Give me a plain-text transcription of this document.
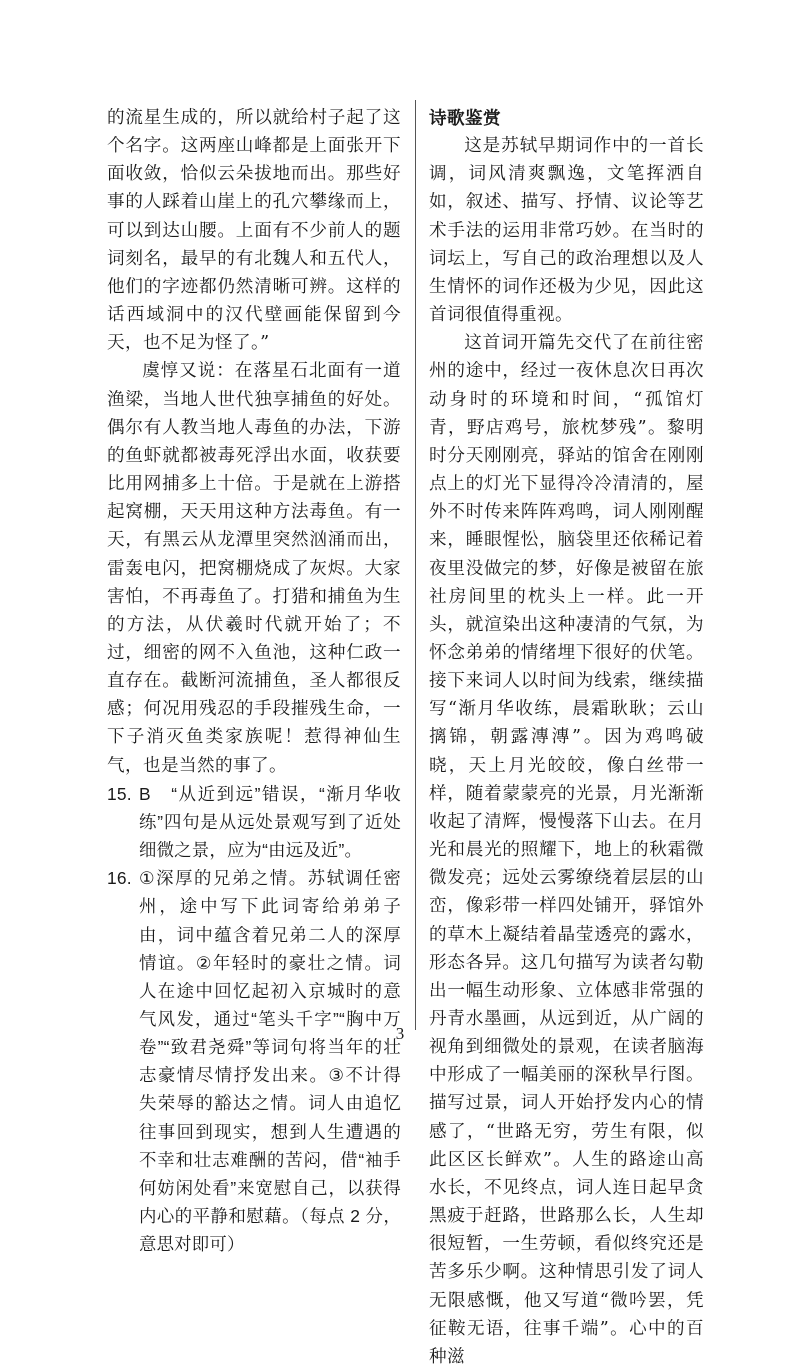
的流星生成的，所以就给村子起了这个名字。这两座山峰都是上面张开下面收敛，恰似云朵拔地而出。那些好事的人踩着山崖上的孔穴攀缘而上，可以到达山腰。上面有不少前人的题词刻名，最早的有北魏人和五代人，他们的字迹都仍然清晰可辨。这样的话西域洞中的汉代壁画能保留到今天，也不足为怪了。”

虞惇又说：在落星石北面有一道渔梁，当地人世代独享捕鱼的好处。偶尔有人教当地人毒鱼的办法，下游的鱼虾就都被毒死浮出水面，收获要比用网捕多上十倍。于是就在上游搭起窝棚，天天用这种方法毒鱼。有一天，有黑云从龙潭里突然汹涌而出，雷轰电闪，把窝棚烧成了灰烬。大家害怕，不再毒鱼了。打猎和捕鱼为生的方法，从伏羲时代就开始了；不过，细密的网不入鱼池，这种仁政一直存在。截断河流捕鱼，圣人都很反感；何况用残忍的手段摧残生命，一下子消灭鱼类家族呢！惹得神仙生气，也是当然的事了。

15. B　“从近到远”错误，“渐月华收练”四句是从远处景观写到了近处细微之景，应为“由远及近”。
16. ①深厚的兄弟之情。苏轼调任密州，途中写下此词寄给弟弟子由，词中蕴含着兄弟二人的深厚情谊。②年轻时的豪壮之情。词人在途中回忆起初入京城时的意气风发，通过“笔头千字”“胸中万卷”“致君尧舜”等词句将当年的壮志豪情尽情抒发出来。③不计得失荣辱的豁达之情。词人由追忆往事回到现实，想到人生遭遇的不幸和壮志难酬的苦闷，借“袖手何妨闲处看”来宽慰自己，以获得内心的平静和慰藉。（每点 2 分，意思对即可）

诗歌鉴赏

这是苏轼早期词作中的一首长调，词风清爽飘逸，文笔挥洒自如，叙述、描写、抒情、议论等艺术手法的运用非常巧妙。在当时的词坛上，写自己的政治理想以及人生情怀的词作还极为少见，因此这首词很值得重视。

这首词开篇先交代了在前往密州的途中，经过一夜休息次日再次动身时的环境和时间，“孤馆灯青，野店鸡号，旅枕梦残”。黎明时分天刚刚亮，驿站的馆舍在刚刚点上的灯光下显得冷冷清清的，屋外不时传来阵阵鸡鸣，词人刚刚醒来，睡眼惺忪，脑袋里还依稀记着夜里没做完的梦，好像是被留在旅社房间里的枕头上一样。此一开头，就渲染出这种凄清的气氛，为怀念弟弟的情绪埋下很好的伏笔。接下来词人以时间为线索，继续描写“渐月华收练，晨霜耿耿；云山摛锦，朝露漙漙”。因为鸡鸣破晓，天上月光皎皎，像白丝带一样，随着蒙蒙亮的光景，月光渐渐收起了清辉，慢慢落下山去。在月光和晨光的照耀下，地上的秋霜微微发亮；远处云雾缭绕着层层的山峦，像彩带一样四处铺开，驿馆外的草木上凝结着晶莹透亮的露水，形态各异。这几句描写为读者勾勒出一幅生动形象、立体感非常强的丹青水墨画，从远到近，从广阔的视角到细微处的景观，在读者脑海中形成了一幅美丽的深秋旱行图。描写过景，词人开始抒发内心的情感了，“世路无穷，劳生有限，似此区区长鲜欢”。人生的路途山高水长，不见终点，词人连日起早贪黑疲于赶路，世路那么长，人生却很短暂，一生劳顿，看似终究还是苦多乐少啊。这种情思引发了词人无限感慨，他又写道“微吟罢，凭征鞍无语，往事千端”。心中的百种滋

3
